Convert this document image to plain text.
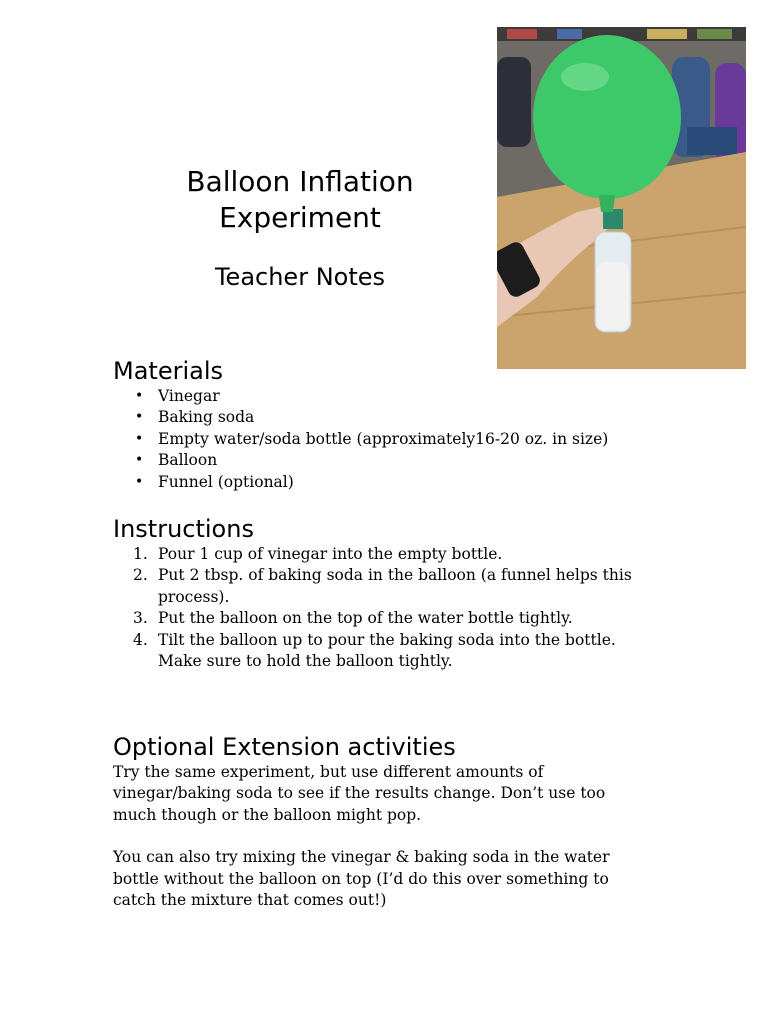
Balloon Inflation
Experiment
Teacher Notes
Materials
• Vinegar
• Baking soda
• Empty water/soda bottle (approximately16-20 oz. in size)
• Balloon
• Funnel (optional)
Instructions
1. Pour 1 cup of vinegar into the empty bottle.
2. Put 2 tbsp. of baking soda in the balloon (a funnel helps this process).
3. Put the balloon on the top of the water bottle tightly.
4. Tilt the balloon up to pour the baking soda into the bottle. Make sure to hold the balloon tightly.
Optional Extension activities

Try the same experiment, but use different amounts of vinegar/baking soda to see if the results change. Don’t use too much though or the balloon might pop.

You can also try mixing the vinegar & baking soda in the water bottle without the balloon on top (I’d do this over something to catch the mixture that comes out!)
